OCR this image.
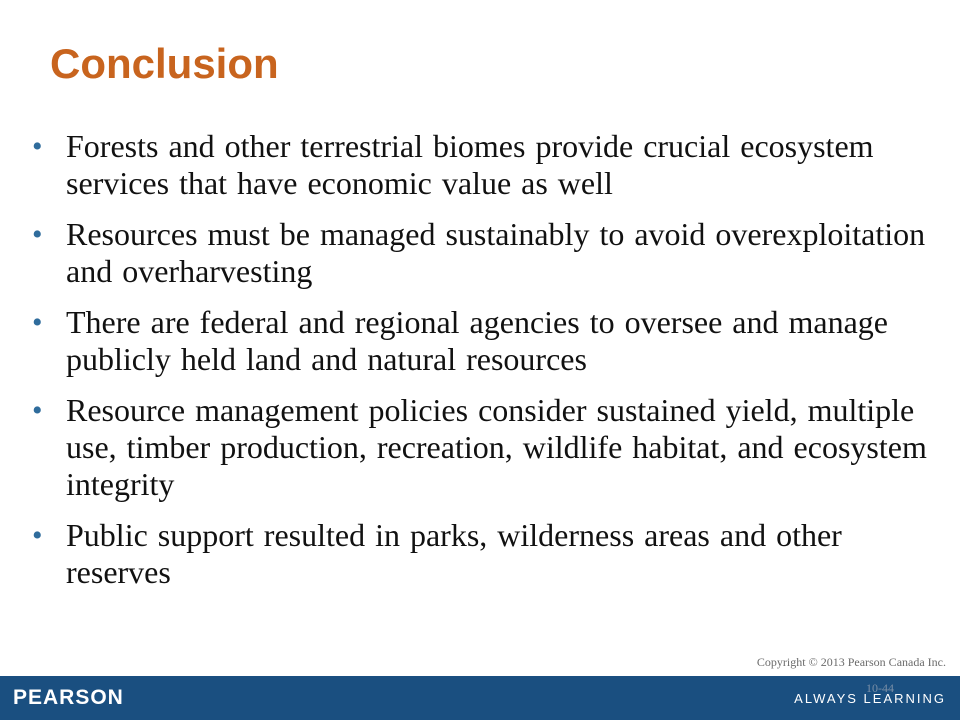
Conclusion
• Forests and other terrestrial biomes provide crucial ecosystem services that have economic value as well
• Resources must be managed sustainably to avoid overexploitation and overharvesting
• There are federal and regional agencies to oversee and manage publicly held land and natural resources
• Resource management policies consider sustained yield, multiple use, timber production, recreation, wildlife habitat, and ecosystem integrity
• Public support resulted in parks, wilderness areas and other reserves
Copyright © 2013 Pearson Canada Inc.
PEARSON	10-44
ALWAYS LEARNING
